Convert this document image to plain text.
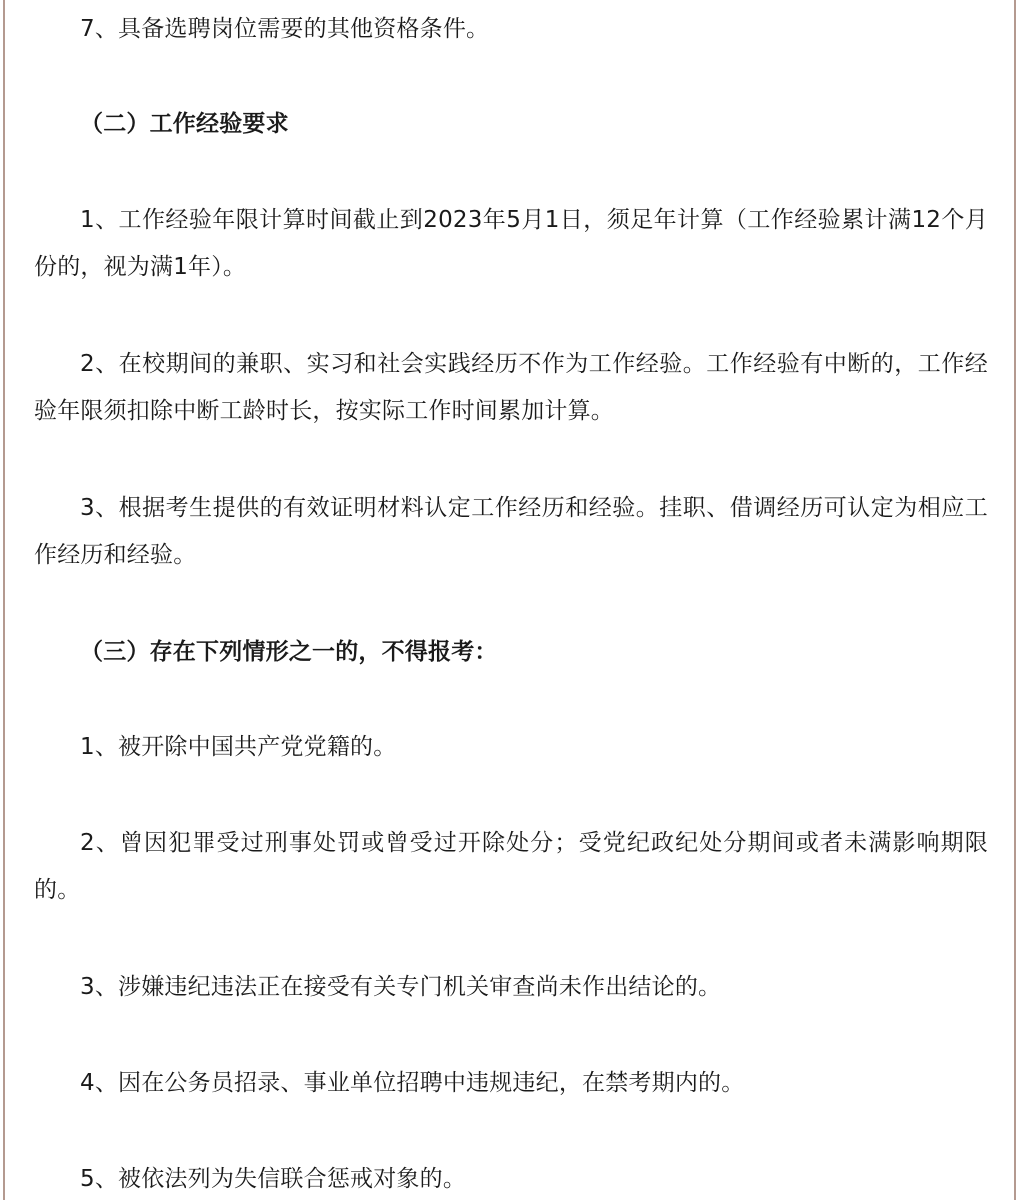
7、具备选聘岗位需要的其他资格条件。
（二）工作经验要求
1、工作经验年限计算时间截止到2023年5月1日，须足年计算（工作经验累计满12个月份的，视为满1年）。
2、在校期间的兼职、实习和社会实践经历不作为工作经验。工作经验有中断的，工作经验年限须扣除中断工龄时长，按实际工作时间累加计算。
3、根据考生提供的有效证明材料认定工作经历和经验。挂职、借调经历可认定为相应工作经历和经验。
（三）存在下列情形之一的，不得报考：
1、被开除中国共产党党籍的。
2、曾因犯罪受过刑事处罚或曾受过开除处分；受党纪政纪处分期间或者未满影响期限的。
3、涉嫌违纪违法正在接受有关专门机关审查尚未作出结论的。
4、因在公务员招录、事业单位招聘中违规违纪，在禁考期内的。
5、被依法列为失信联合惩戒对象的。
